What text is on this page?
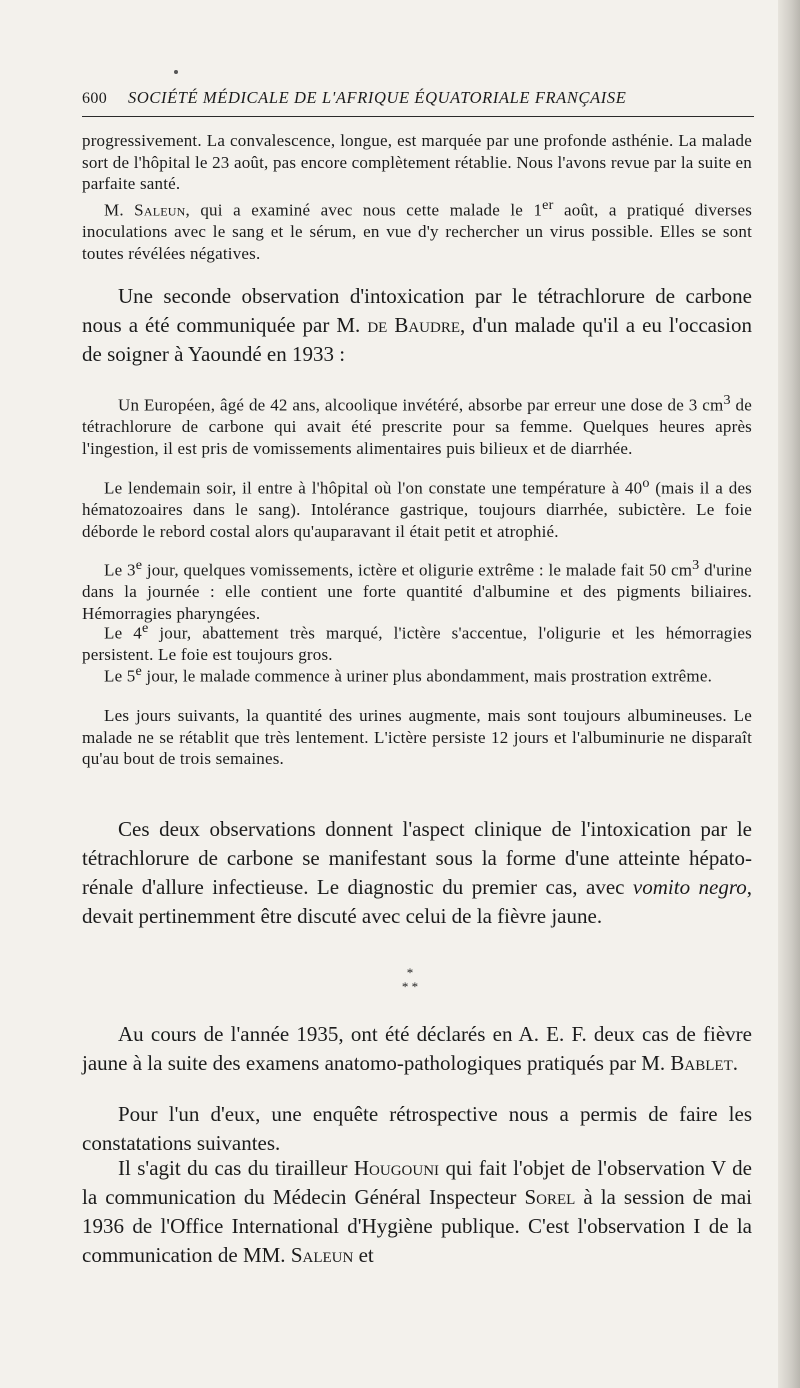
600 SOCIÉTÉ MÉDICALE DE L'AFRIQUE ÉQUATORIALE FRANÇAISE

progressivement. La convalescence, longue, est marquée par une profonde asthénie. La malade sort de l'hôpital le 23 août, pas encore complètement rétablie. Nous l'avons revue par la suite en parfaite santé.

M. Saleun, qui a examiné avec nous cette malade le 1er août, a pratiqué diverses inoculations avec le sang et le sérum, en vue d'y rechercher un virus possible. Elles se sont toutes révélées négatives.

Une seconde observation d'intoxication par le tétrachlorure de carbone nous a été communiquée par M. de Baudre, d'un malade qu'il a eu l'occasion de soigner à Yaoundé en 1933 :

Un Européen, âgé de 42 ans, alcoolique invétéré, absorbe par erreur une dose de 3 $cm^3$ de tétrachlorure de carbone qui avait été prescrite pour sa femme. Quelques heures après l'ingestion, il est pris de vomissements alimentaires puis bilieux et de diarrhée.

Le lendemain soir, il entre à l'hôpital où l'on constate une température à 40$^o$ (mais il a des hématozoaires dans le sang). Intolérance gastrique, toujours diarrhée, subictère. Le foie déborde le rebord costal alors qu'auparavant il était petit et atrophié.

Le 3e jour, quelques vomissements, ictère et oligurie extrême : le malade fait 50 $cm^3$ d'urine dans la journée : elle contient une forte quantité d'albumine et des pigments biliaires. Hémorragies pharyngées.

Le 4e jour, abattement très marqué, l'ictère s'accentue, l'oligurie et les hémorragies persistent. Le foie est toujours gros.

Le 5e jour, le malade commence à uriner plus abondamment, mais prostration extrême.

Les jours suivants, la quantité des urines augmente, mais sont toujours albumineuses. Le malade ne se rétablit que très lentement. L'ictère persiste 12 jours et l'albuminurie ne disparaît qu'au bout de trois semaines.

Ces deux observations donnent l'aspect clinique de l'intoxication par le tétrachlorure de carbone se manifestant sous la forme d'une atteinte hépato-rénale d'allure infectieuse. Le diagnostic du premier cas, avec vomito negro, devait pertinemment être discuté avec celui de la fièvre jaune.

*
* *

Au cours de l'année 1935, ont été déclarés en A. E. F. deux cas de fièvre jaune à la suite des examens anatomo-pathologiques pratiqués par M. Bablet.

Pour l'un d'eux, une enquête rétrospective nous a permis de faire les constatations suivantes.

Il s'agit du cas du tirailleur Hougouni qui fait l'objet de l'observation V de la communication du Médecin Général Inspecteur Sorel à la session de mai 1936 de l'Office International d'Hygiène publique. C'est l'observation I de la communication de MM. Saleun et
